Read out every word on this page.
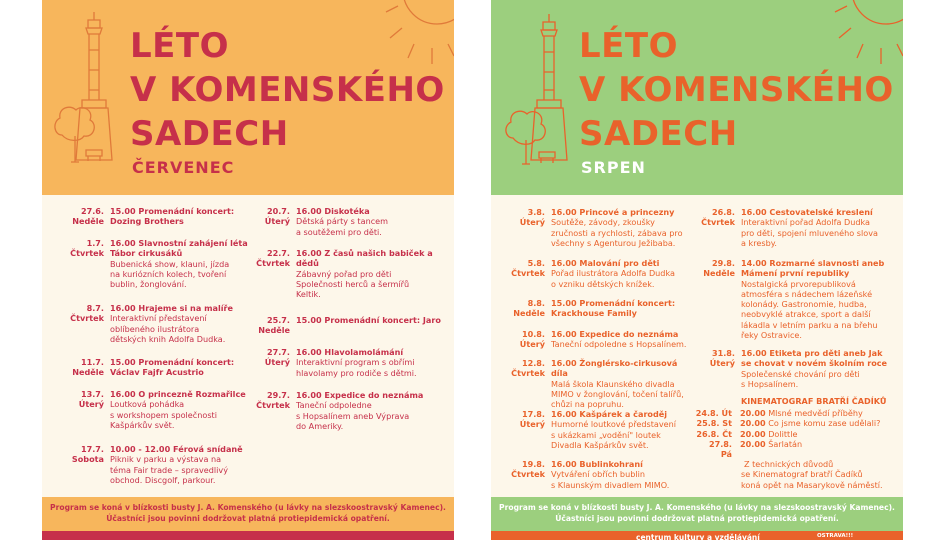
LÉTO
V KOMENSKÉHO
SADECH
ČERVENEC
27.6.
Neděle
15.00 Promenádní koncert: Dozing Brothers
1.7.
Čtvrtek
16.00 Slavnostní zahájení léta Tábor cirkusáků
Bubenická show, klauni, jízda
na kuriózních kolech, tvoření
bublin, žonglování.
8.7.
Čtvrtek
16.00 Hrajeme si na malíře
Interaktivní představení
oblíbeného ilustrátora
dětských knih Adolfa Dudka.
11.7.
Neděle
15.00 Promenádní koncert: Václav Fajfr Acustrio
13.7.
Úterý
16.00 O princezně Rozmařilce
Loutková pohádka
s workshopem společnosti
Kašpárkův svět.
17.7.
Sobota
10.00 - 12.00 Férová snídaně
Piknik v parku a výstava na
téma Fair trade – spravedlivý
obchod. Discgolf, parkour.
20.7.
Úterý
16.00 Diskotéka
Dětská párty s tancem
a soutěžemi pro děti.
22.7.
Čtvrtek
16.00 Z časů našich babiček a dědů
Zábavný pořad pro děti
Společnosti herců a šermířů
Keltik.
25.7.
Neděle
15.00 Promenádní koncert: Jaro
27.7.
Úterý
16.00 Hlavolamolámání
Interaktivní program s obřími
hlavolamy pro rodiče s dětmi.
29.7.
Čtvrtek
16.00 Expedice do neznáma
Taneční odpoledne
s Hopsalínem aneb Výprava
do Ameriky.
Program se koná v blízkosti busty J. A. Komenského (u lávky na slezskoostravský Kamenec).
Účastníci jsou povinni dodržovat platná protiepidemická opatření.
LÉTO
V KOMENSKÉHO
SADECH
SRPEN
3.8.
Úterý
16.00 Princové a princezny
Soutěže, závody, zkoušky
zručnosti a rychlosti, zábava pro
všechny s Agenturou Ježibaba.
5.8.
Čtvrtek
16.00 Malování pro děti
Pořad ilustrátora Adolfa Dudka
o vzniku dětských knížek.
8.8.
Neděle
15.00 Promenádní koncert: Krackhouse Family
10.8.
Úterý
16.00 Expedice do neznáma
Taneční odpoledne s Hopsalínem.
12.8.
Čtvrtek
16.00 Žonglérsko-cirkusová díla
Malá škola Klaunského divadla
MIMO v žonglování, točení talířů,
chůzi na popruhu.
17.8.
Úterý
16.00 Kašpárek a čaroděj
Humorné loutkové představení
s ukázkami „vodění" loutek
Divadla Kašpárkův svět.
19.8.
Čtvrtek
16.00 Bublinkohraní
Vytváření obřích bublin
s Klaunským divadlem MIMO.
26.8.
Čtvrtek
16.00 Cestovatelské kreslení
Interaktivní pořad Adolfa Dudka
pro děti, spojení mluveného slova
a kresby.
29.8.
Neděle
14.00 Rozmarné slavnosti aneb Mámení první republiky
Nostalgická prvorepubliková
atmosféra s nádechem lázeňské
kolonády. Gastronomie, hudba,
neobvyklé atrakce, sport a další
lákadla v letním parku a na břehu
řeky Ostravice.
31.8.
Úterý
16.00 Etiketa pro děti aneb Jak se chovat v novém školním roce
Společenské chování pro děti
s Hopsalínem.
KINEMATOGRAF BRATŘÍ ČADÍKŮ
24.8. Út 20.00 Mlsné medvědí příběhy
25.8. St 20.00 Co jsme komu zase udělali?
26.8. Čt 20.00 Dolittle
27.8. Pá
20.00 Šarlatán
Z technických důvodů
se Kinematograf bratří Čadíků
koná opět na Masarykově náměstí.
Program se koná v blízkosti busty J. A. Komenského (u lávky na slezskoostravský Kamenec).
Účastníci jsou povinni dodržovat platná protiepidemická opatření.
centrum kultury a vzdělávání	OSTRAVA!!!
